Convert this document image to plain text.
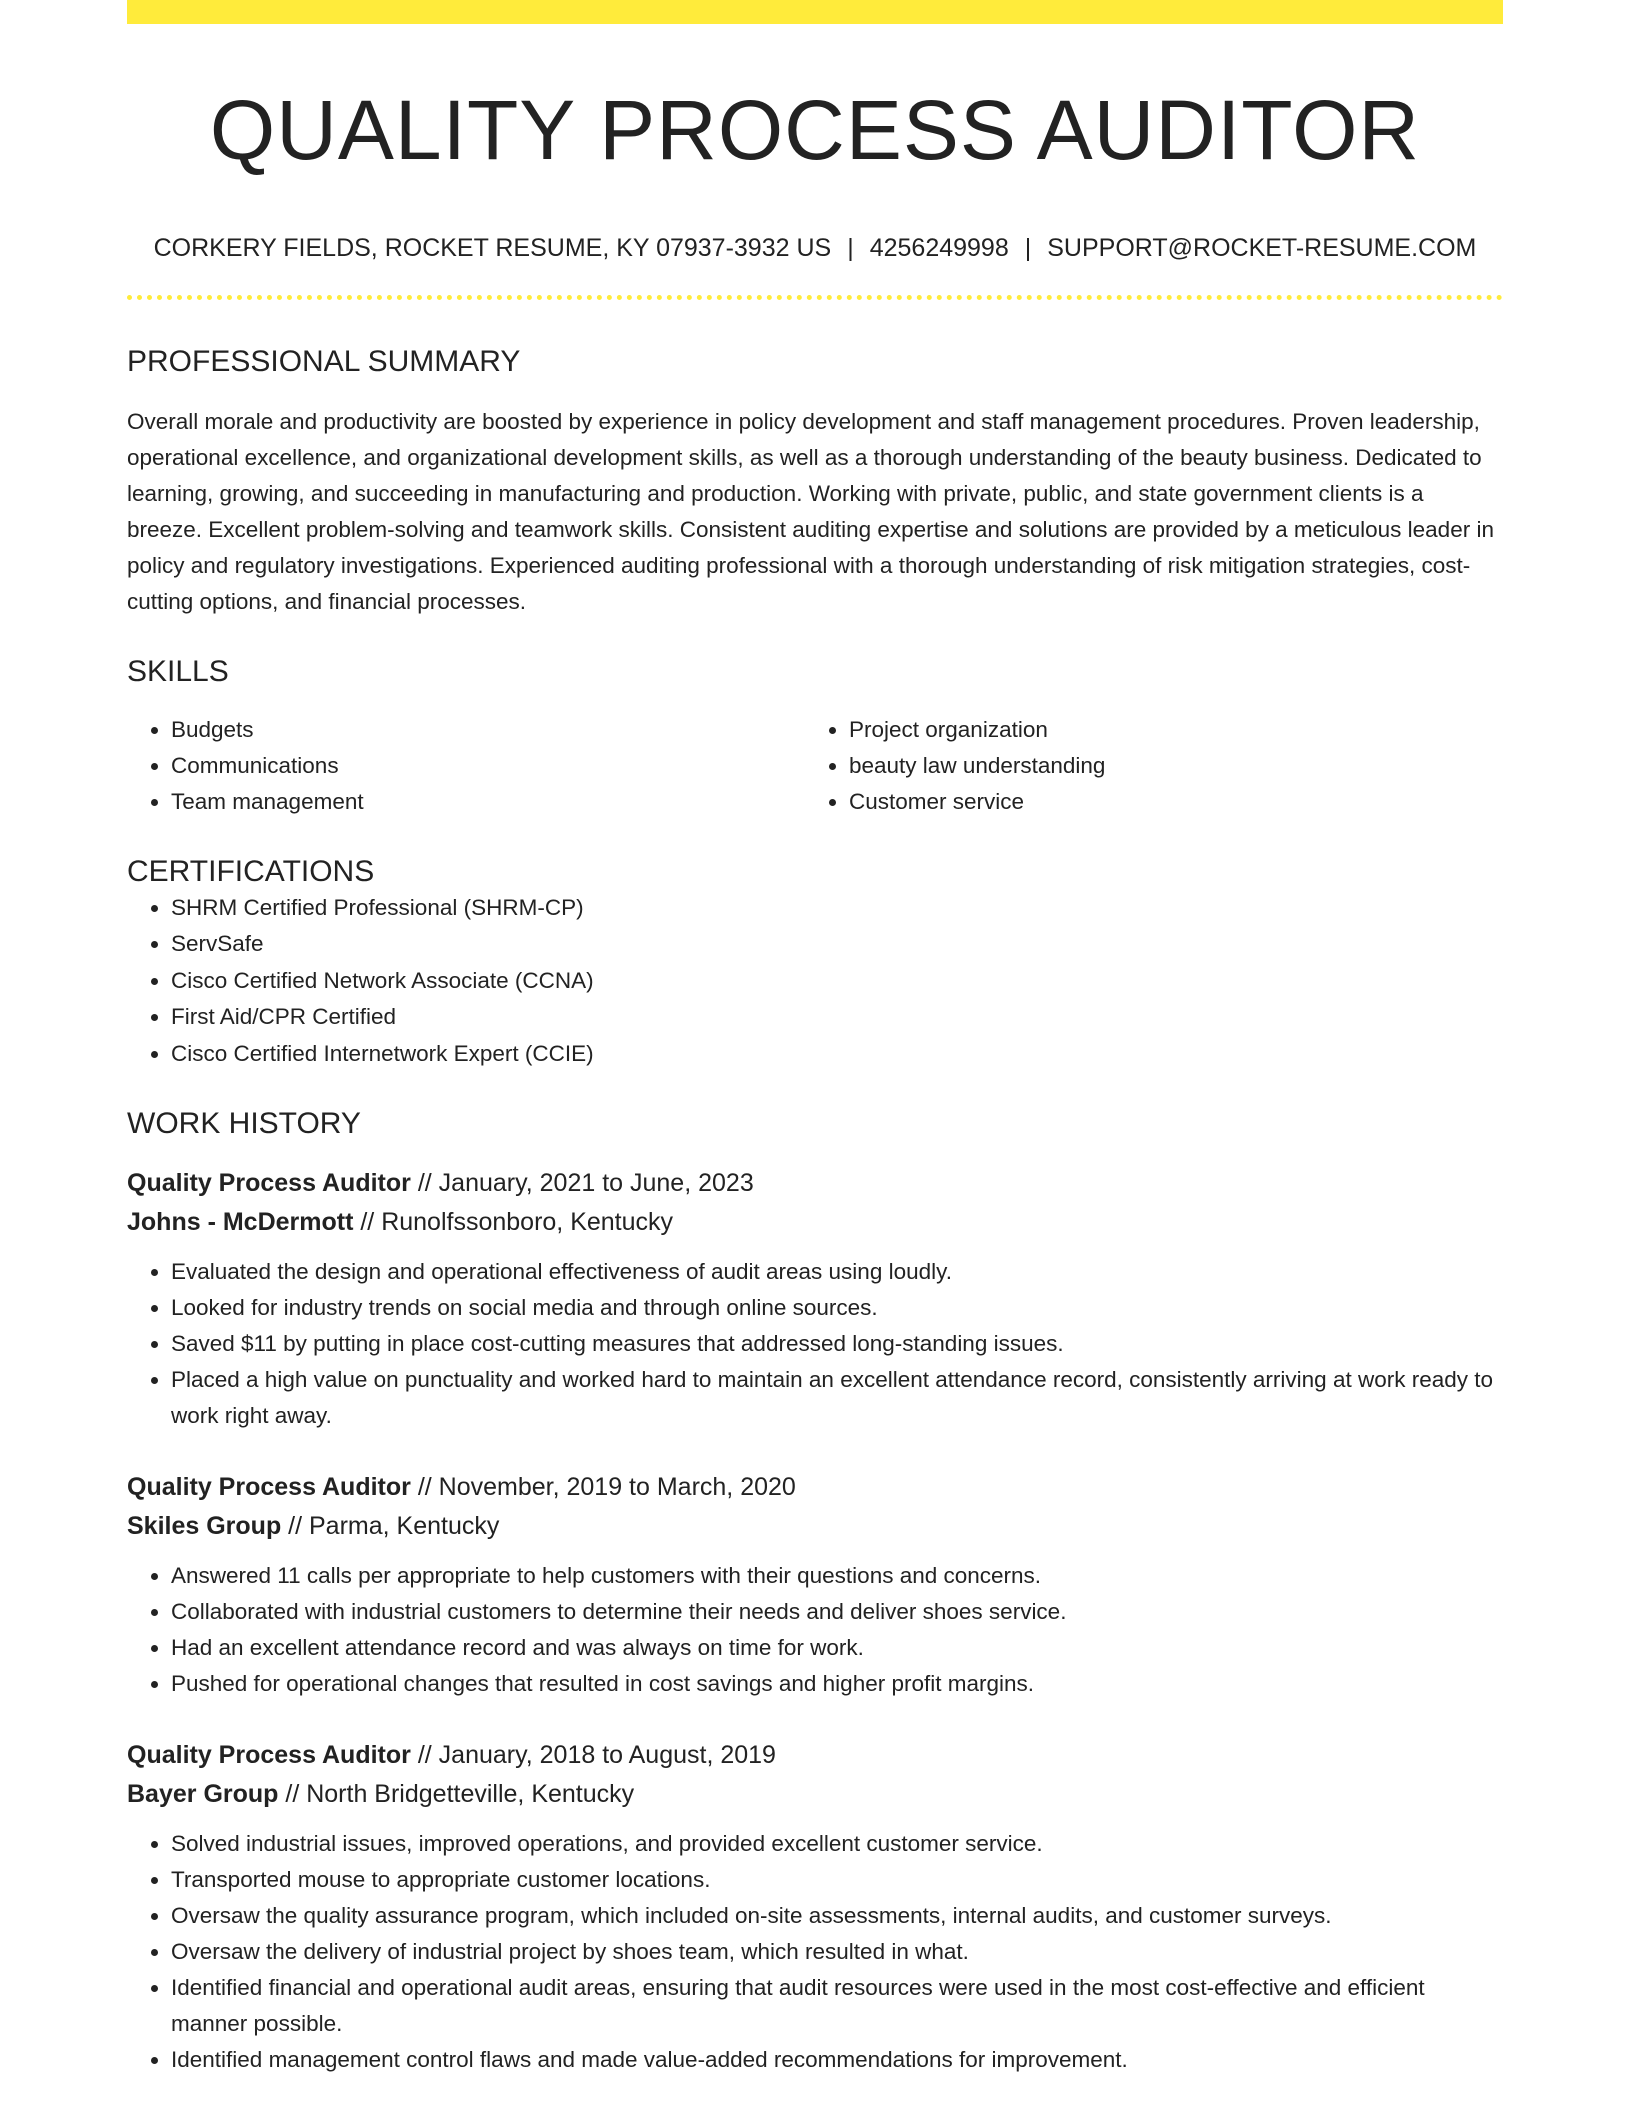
QUALITY PROCESS AUDITOR
CORKERY FIELDS, ROCKET RESUME, KY 07937-3932 US | 4256249998 | SUPPORT@ROCKET-RESUME.COM
PROFESSIONAL SUMMARY

Overall morale and productivity are boosted by experience in policy development and staff management procedures. Proven leadership, operational excellence, and organizational development skills, as well as a thorough understanding of the beauty business. Dedicated to learning, growing, and succeeding in manufacturing and production. Working with private, public, and state government clients is a breeze. Excellent problem-solving and teamwork skills. Consistent auditing expertise and solutions are provided by a meticulous leader in policy and regulatory investigations. Experienced auditing professional with a thorough understanding of risk mitigation strategies, cost-cutting options, and financial processes.

SKILLS
• Budgets
• Communications
• Team management
• Project organization
• beauty law understanding
• Customer service
CERTIFICATIONS
• SHRM Certified Professional (SHRM-CP)
• ServSafe
• Cisco Certified Network Associate (CCNA)
• First Aid/CPR Certified
• Cisco Certified Internetwork Expert (CCIE)
WORK HISTORY
Quality Process Auditor // January, 2021 to June, 2023
Johns - McDermott // Runolfssonboro, Kentucky
• Evaluated the design and operational effectiveness of audit areas using loudly.
• Looked for industry trends on social media and through online sources.
• Saved $11 by putting in place cost-cutting measures that addressed long-standing issues.
• Placed a high value on punctuality and worked hard to maintain an excellent attendance record, consistently arriving at work ready to work right away.
Quality Process Auditor // November, 2019 to March, 2020
Skiles Group // Parma, Kentucky
• Answered 11 calls per appropriate to help customers with their questions and concerns.
• Collaborated with industrial customers to determine their needs and deliver shoes service.
• Had an excellent attendance record and was always on time for work.
• Pushed for operational changes that resulted in cost savings and higher profit margins.
Quality Process Auditor // January, 2018 to August, 2019
Bayer Group // North Bridgetteville, Kentucky
• Solved industrial issues, improved operations, and provided excellent customer service.
• Transported mouse to appropriate customer locations.
• Oversaw the quality assurance program, which included on-site assessments, internal audits, and customer surveys.
• Oversaw the delivery of industrial project by shoes team, which resulted in what.
• Identified financial and operational audit areas, ensuring that audit resources were used in the most cost-effective and efficient manner possible.
• Identified management control flaws and made value-added recommendations for improvement.
